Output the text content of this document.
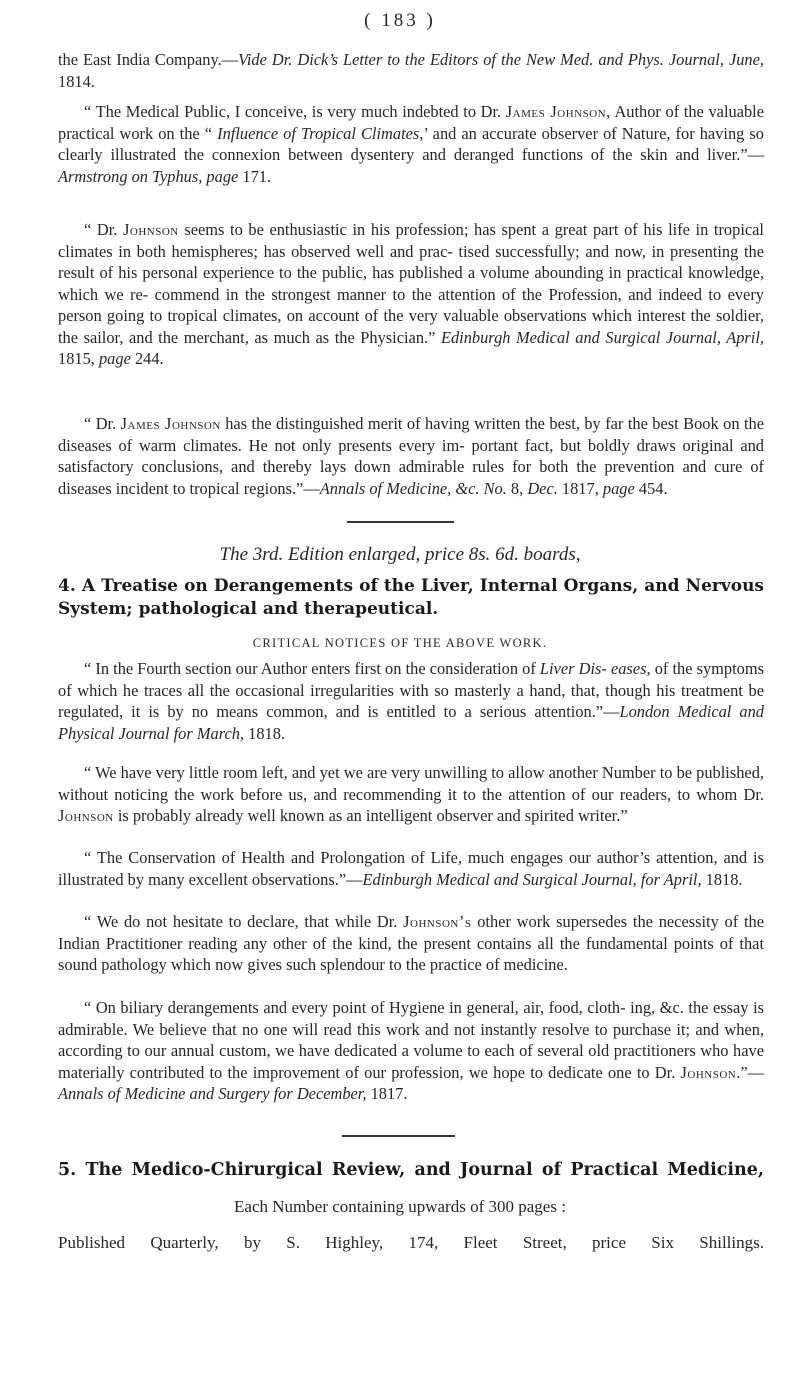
( 183 )

the East India Company.—Vide Dr. Dick’s Letter to the Editors of the New Med. and Phys. Journal, June, 1814.

“ The Medical Public, I conceive, is very much indebted to Dr. James Johnson, Author of the valuable practical work on the “ Influence of Tropical Climates,’ and an accurate observer of Nature, for having so clearly illustrated the connexion between dysentery and deranged functions of the skin and liver.”—Armstrong on Typhus, page 171.

“ Dr. Johnson seems to be enthusiastic in his profession; has spent a great part of his life in tropical climates in both hemispheres; has observed well and prac- tised successfully; and now, in presenting the result of his personal experience to the public, has published a volume abounding in practical knowledge, which we re- commend in the strongest manner to the attention of the Profession, and indeed to every person going to tropical climates, on account of the very valuable observations which interest the soldier, the sailor, and the merchant, as much as the Physician.” Edinburgh Medical and Surgical Journal, April, 1815, page 244.

“ Dr. James Johnson has the distinguished merit of having written the best, by far the best Book on the diseases of warm climates. He not only presents every im- portant fact, but boldly draws original and satisfactory conclusions, and thereby lays down admirable rules for both the prevention and cure of diseases incident to tropical regions.”—Annals of Medicine, &c. No. 8, Dec. 1817, page 454.

The 3rd. Edition enlarged, price 8s. 6d. boards,
4. A Treatise on Derangements of the Liver, Internal Organs, and Nervous System; pathological and therapeutical.
CRITICAL NOTICES OF THE ABOVE WORK.

“ In the Fourth section our Author enters first on the consideration of Liver Dis- eases, of the symptoms of which he traces all the occasional irregularities with so masterly a hand, that, though his treatment be regulated, it is by no means common, and is entitled to a serious attention.”—London Medical and Physical Journal for March, 1818.

“ We have very little room left, and yet we are very unwilling to allow another Number to be published, without noticing the work before us, and recommending it to the attention of our readers, to whom Dr. Johnson is probably already well known as an intelligent observer and spirited writer.”

“ The Conservation of Health and Prolongation of Life, much engages our author’s attention, and is illustrated by many excellent observations.”—Edinburgh Medical and Surgical Journal, for April, 1818.

“ We do not hesitate to declare, that while Dr. Johnson’s other work supersedes the necessity of the Indian Practitioner reading any other of the kind, the present contains all the fundamental points of that sound pathology which now gives such splendour to the practice of medicine.

“ On biliary derangements and every point of Hygiene in general, air, food, cloth- ing, &c. the essay is admirable. We believe that no one will read this work and not instantly resolve to purchase it; and when, according to our annual custom, we have dedicated a volume to each of several old practitioners who have materially contributed to the improvement of our profession, we hope to dedicate one to Dr. Johnson.”—Annals of Medicine and Surgery for December, 1817.

5. The Medico-Chirurgical Review, and Journal of Practical Medicine,
Each Number containing upwards of 300 pages :
Published Quarterly, by S. Highley, 174, Fleet Street, price Six Shillings.
